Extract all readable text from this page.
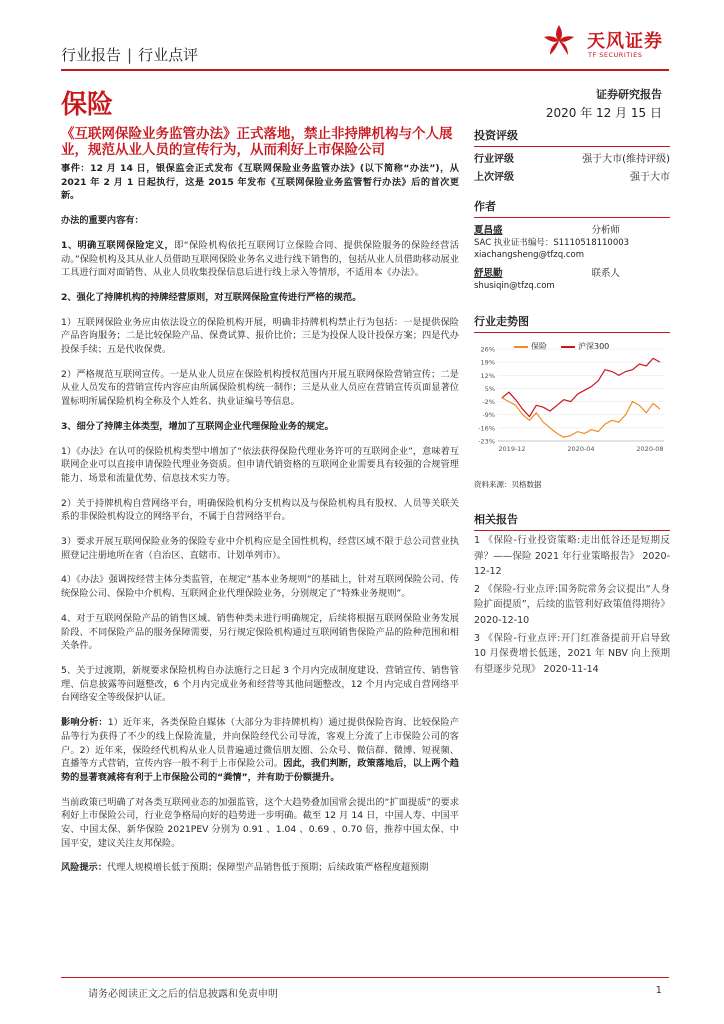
行业报告 | 行业点评
天风证券
TF SECURITIES
保险	证券研究报告
2020 年 12 月 15 日
《互联网保险业务监管办法》正式落地，禁止非持牌机构与个人展业，规范从业人员的宣传行为，从而利好上市保险公司

事件：12 月 14 日，银保监会正式发布《互联网保险业务监管办法》(以下简称“办法”)，从 2021 年 2 月 1 日起执行，这是 2015 年发布《互联网保险业务监管暂行办法》后的首次更新。

办法的重要内容有：

1、明确互联网保险定义，即“保险机构依托互联网订立保险合同、提供保险服务的保险经营活动。”保险机构及其从业人员借助互联网保险业务名义进行线下销售的，包括从业人员借助移动展业工具进行面对面销售、从业人员收集投保信息后进行线上录入等情形，不适用本《办法》。

2、强化了持牌机构的持牌经营原则，对互联网保险宣传进行严格的规范。

1）互联网保险业务应由依法设立的保险机构开展，明确非持牌机构禁止行为包括：一是提供保险产品咨询服务；二是比较保险产品、保费试算、报价比价；三是为投保人设计投保方案；四是代办投保手续；五是代收保费。

2）严格规范互联网宣传。一是从业人员应在保险机构授权范围内开展互联网保险营销宣传；二是从业人员发布的营销宣传内容应由所属保险机构统一制作；三是从业人员应在营销宣传页面显著位置标明所属保险机构全称及个人姓名、执业证编号等信息。

3、细分了持牌主体类型，增加了互联网企业代理保险业务的规定。

1）《办法》在认可的保险机构类型中增加了“依法获得保险代理业务许可的互联网企业”，意味着互联网企业可以直接申请保险代理业务资质。但申请代销资格的互联网企业需要具有较强的合规管理能力、场景和流量优势、信息技术实力等。

2）关于持牌机构自营网络平台，明确保险机构分支机构以及与保险机构具有股权、人员等关联关系的非保险机构设立的网络平台，不属于自营网络平台。

3）要求开展互联网保险业务的保险专业中介机构应是全国性机构，经营区域不限于总公司营业执照登记注册地所在省（自治区、直辖市、计划单列市）。

4）《办法》强调按经营主体分类监管，在规定“基本业务规则”的基础上，针对互联网保险公司、传统保险公司、保险中介机构、互联网企业代理保险业务，分别规定了“特殊业务规则”。

4、对于互联网保险产品的销售区域、销售种类未进行明确规定，后续将根据互联网保险业务发展阶段、不同保险产品的服务保障需要，另行规定保险机构通过互联网销售保险产品的险种范围和相关条件。

5、关于过渡期，新规要求保险机构自办法施行之日起 3 个月内完成制度建设、营销宣传、销售管理、信息披露等问题整改，6 个月内完成业务和经营等其他问题整改，12 个月内完成自营网络平台网络安全等级保护认证。

影响分析：1）近年来，各类保险自媒体（大部分为非持牌机构）通过提供保险咨询、比较保险产品等行为获得了不少的线上保险流量，并向保险经代公司导流，客观上分流了上市保险公司的客户。2）近年来，保险经代机构从业人员普遍通过微信朋友圈、公众号、微信群、微博、短视频、直播等方式营销，宣传内容一般不利于上市保险公司。因此，我们判断，政策落地后，以上两个趋势的显著衰减将有利于上市保险公司的“粪情”，并有助于份额提升。

当前政策已明确了对各类互联网业态的加强监管，这个大趋势叠加国常会提出的“扩面提质”的要求利好上市保险公司，行业竞争格局向好的趋势进一步明确。截至 12 月 14 日，中国人寿、中国平安、中国太保、新华保险 2021PEV 分别为 0.91 、1.04 、0.69 、0.70 倍，推荐中国太保、中国平安，建议关注友邦保险。

风险提示：代理人规模增长低于预期；保障型产品销售低于预期；后续政策严格程度超预期

投资评级
行业评级	强于大市(维持评级)
上次评级	强于大市
作者
夏昌盛	分析师
SAC 执业证书编号：S1110518110003
xiachangsheng@tfzq.com
舒思勤	联系人
shusiqin@tfzq.com
行业走势图
保险	沪深300
26%
19%
12%
5%
-2%
-9%
-16%
-23%
2019-12	2020-04	2020-08
资料来源：贝格数据
相关报告

1 《保险-行业投资策略:走出低谷还是短期反弹？——保险 2021 年行业策略报告》 2020-12-12

2 《保险-行业点评:国务院常务会议提出“人身险扩面提质”，后续的监管利好政策值得期待》 2020-12-10

3 《保险-行业点评:开门红准备提前开启导致 10 月保费增长低迷，2021 年 NBV 向上预期有望逐步兑现》 2020-11-14

请务必阅读正文之后的信息披露和免责申明	1
